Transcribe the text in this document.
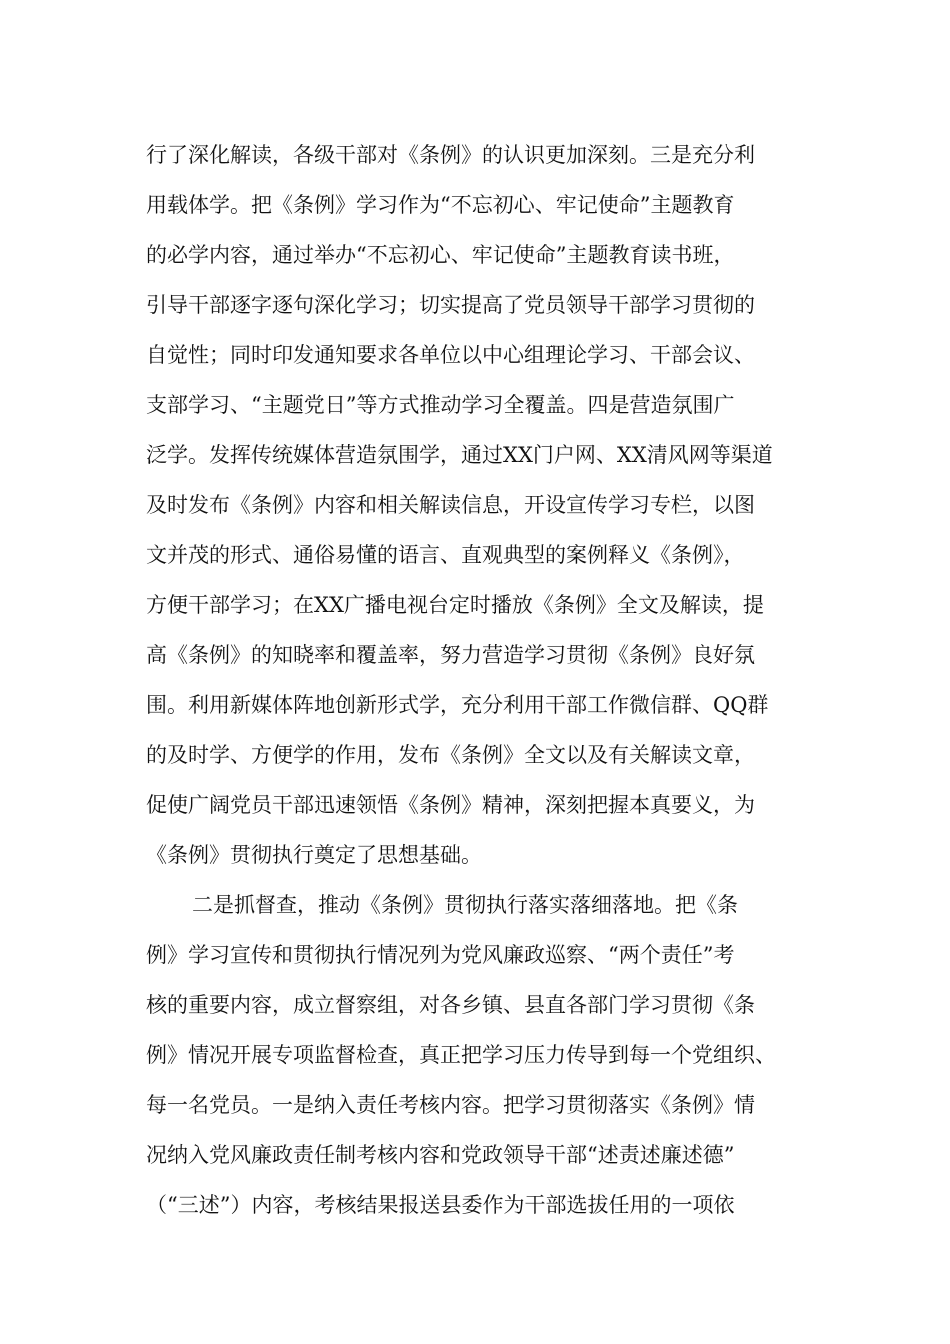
行了深化解读，各级干部对《条例》的认识更加深刻。三是充分利
用载体学。把《条例》学习作为“不忘初心、牢记使命”主题教育
的必学内容，通过举办“不忘初心、牢记使命”主题教育读书班，
引导干部逐字逐句深化学习；切实提高了党员领导干部学习贯彻的
自觉性；同时印发通知要求各单位以中心组理论学习、干部会议、
支部学习、“主题党日”等方式推动学习全覆盖。四是营造氛围广
泛学。发挥传统媒体营造氛围学，通过XX门户网、XX清风网等渠道
及时发布《条例》内容和相关解读信息，开设宣传学习专栏，以图
文并茂的形式、通俗易懂的语言、直观典型的案例释义《条例》，
方便干部学习；在XX广播电视台定时播放《条例》全文及解读，提
高《条例》的知晓率和覆盖率，努力营造学习贯彻《条例》良好氛
围。利用新媒体阵地创新形式学，充分利用干部工作微信群、QQ群
的及时学、方便学的作用，发布《条例》全文以及有关解读文章，
促使广阔党员干部迅速领悟《条例》精神，深刻把握本真要义，为
《条例》贯彻执行奠定了思想基础。
二是抓督查，推动《条例》贯彻执行落实落细落地。把《条
例》学习宣传和贯彻执行情况列为党风廉政巡察、“两个责任”考
核的重要内容，成立督察组，对各乡镇、县直各部门学习贯彻《条
例》情况开展专项监督检查，真正把学习压力传导到每一个党组织、
每一名党员。一是纳入责任考核内容。把学习贯彻落实《条例》情
况纳入党风廉政责任制考核内容和党政领导干部“述责述廉述德”
（“三述”）内容，考核结果报送县委作为干部选拔任用的一项依
